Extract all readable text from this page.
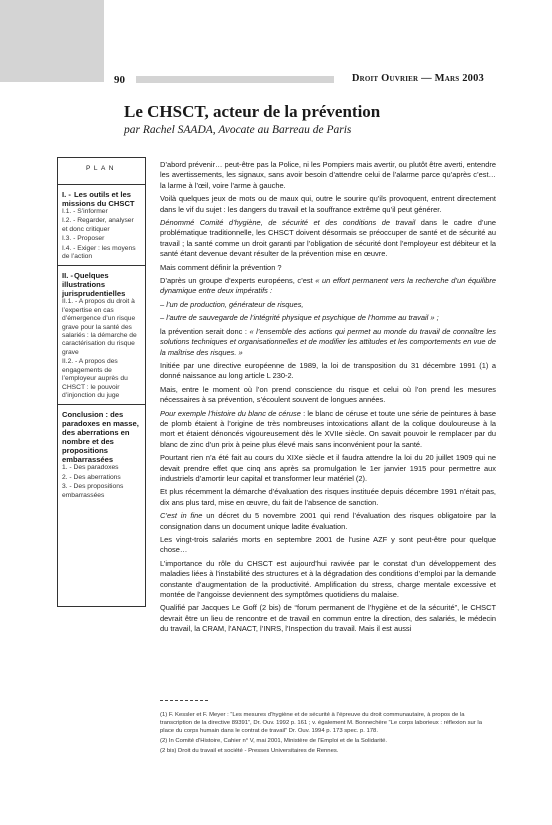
90	Droit Ouvrier — Mars 2003
Le CHSCT, acteur de la prévention
par Rachel SAADA, Avocate au Barreau de Paris
PLAN
I. - Les outils et les missions du CHSCT
I.1. - S’informer
I.2. - Regarder, analyser et donc critiquer
I.3. - Proposer
I.4. - Exiger : les moyens de l’action
II. -Quelques illustrations jurisprudentielles
II.1. - A propos du droit à l’expertise en cas d’émergence d’un risque grave pour la santé des salariés : la démarche de caractérisation du risque grave
II.2. - A propos des engagements de l’employeur auprès du CHSCT : le pouvoir d’injonction du juge
Conclusion : des paradoxes en masse, des aberrations en nombre et des propositions embarrassées
1. - Des paradoxes
2. - Des aberrations
3. - Des propositions embarrassées

D’abord prévenir… peut-être pas la Police, ni les Pompiers mais avertir, ou plutôt être averti, entendre les avertissements, les signaux, sans avoir besoin d’attendre celui de l’alarme parce qu’après c’est… la larme à l’œil, voire l’arme à gauche.

Voilà quelques jeux de mots ou de maux qui, outre le sourire qu’ils provoquent, entrent directement dans le vif du sujet : les dangers du travail et la souffrance extrême qu’il peut générer.

Dénommé Comité d’hygiène, de sécurité et des conditions de travail dans le cadre d’une problématique traditionnelle, les CHSCT doivent désormais se préoccuper de santé et de sécurité au travail ; la santé comme un droit garanti par l’obligation de sécurité dont l’employeur est débiteur et la santé étant devenue devant résulter de la prévention mise en œuvre.

Mais comment définir la prévention ?

D’après un groupe d’experts européens, c’est « un effort permanent vers la recherche d’un équilibre dynamique entre deux impératifs :

– l’un de production, générateur de risques,

– l’autre de sauvegarde de l’intégrité physique et psychique de l’homme au travail » ;

la prévention serait donc : « l’ensemble des actions qui permet au monde du travail de connaître les solutions techniques et organisationnelles et de modifier les attitudes et les comportements en vue de la maîtrise des risques. »

Initiée par une directive européenne de 1989, la loi de transposition du 31 décembre 1991 (1) a donné naissance au long article L 230-2.

Mais, entre le moment où l’on prend conscience du risque et celui où l’on prend les mesures nécessaires à sa prévention, s’écoulent souvent de longues années.

Pour exemple l’histoire du blanc de céruse : le blanc de céruse et toute une série de peintures à base de plomb étaient à l’origine de très nombreuses intoxications allant de la colique douloureuse à la mort et étaient dénoncés vigoureusement dès le XVIIe siècle. On savait pouvoir le remplacer par du blanc de zinc d’un prix à peine plus élevé mais sans inconvénient pour la santé.

Pourtant rien n’a été fait au cours du XIXe siècle et il faudra attendre la loi du 20 juillet 1909 qui ne devait prendre effet que cinq ans après sa promulgation le 1er janvier 1915 pour permettre aux industriels d’amortir leur capital et transformer leur matériel (2).

Et plus récemment la démarche d’évaluation des risques instituée depuis décembre 1991 n’était pas, dix ans plus tard, mise en œuvre, du fait de l’absence de sanction.

C’est in fine un décret du 5 novembre 2001 qui rend l’évaluation des risques obligatoire par la consignation dans un document unique ladite évaluation.

Les vingt-trois salariés morts en septembre 2001 de l’usine AZF y sont peut-être pour quelque chose…

L’importance du rôle du CHSCT est aujourd’hui ravivée par le constat d’un développement des maladies liées à l’instabilité des structures et à la dégradation des conditions d’emploi par la demande constante d’augmentation de la productivité. Amplification du stress, charge mentale excessive et montée de l’angoisse deviennent des symptômes quotidiens du malaise.

Qualifié par Jacques Le Goff (2 bis) de “forum permanent de l’hygiène et de la sécurité”, le CHSCT devrait être un lieu de rencontre et de travail en commun entre la direction, des salariés, le médecin du travail, la CRAM, l’ANACT, l’INRS, l’Inspection du travail. Mais il est aussi

(1) F. Kessler et F. Meyer : “Les mesures d’hygiène et de sécurité à l’épreuve du droit communautaire, à propos de la transcription de la directive 89391”, Dr. Ouv. 1992 p. 161 ; v. également M. Bonnechère “Le corps laborieux : réflexion sur la place du corps humain dans le contrat de travail” Dr. Ouv. 1994 p. 173 spec. p. 178.

(2) In Comité d’Histoire, Cahier n° V, mai 2001, Ministère de l’Emploi et de la Solidarité.

(2 bis) Droit du travail et société - Presses Universitaires de Rennes.
